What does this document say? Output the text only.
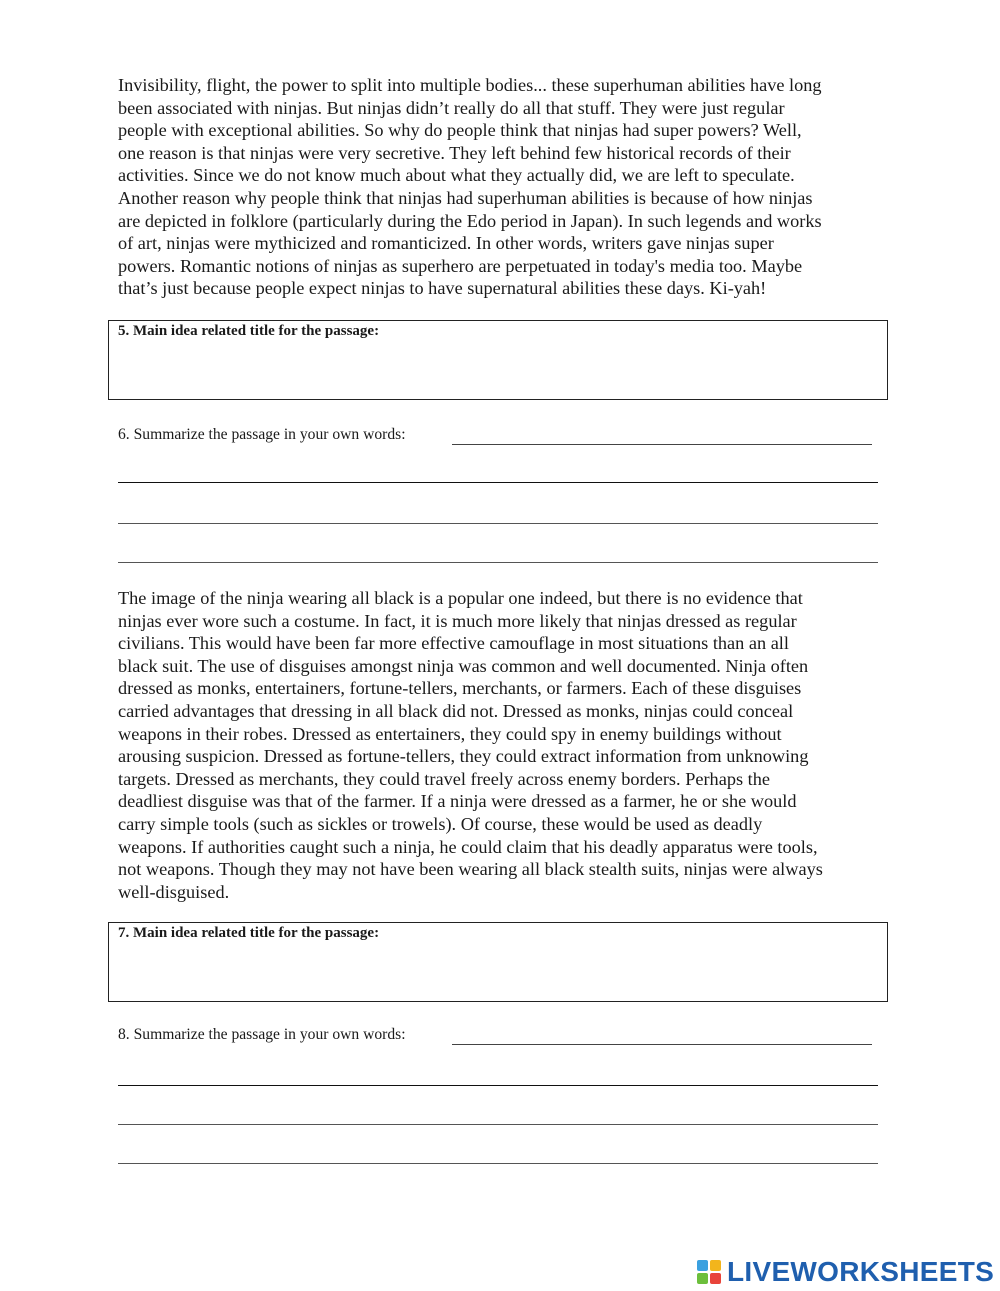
Invisibility, flight, the power to split into multiple bodies... these superhuman abilities have long
been associated with ninjas. But ninjas didn’t really do all that stuff. They were just regular
people with exceptional abilities. So why do people think that ninjas had super powers? Well,
one reason is that ninjas were very secretive. They left behind few historical records of their
activities. Since we do not know much about what they actually did, we are left to speculate.
Another reason why people think that ninjas had superhuman abilities is because of how ninjas
are depicted in folklore (particularly during the Edo period in Japan). In such legends and works
of art, ninjas were mythicized and romanticized. In other words, writers gave ninjas super
powers. Romantic notions of ninjas as superhero are perpetuated in today's media too. Maybe
that’s just because people expect ninjas to have supernatural abilities these days. Ki-yah!
5. Main idea related title for the passage:
6. Summarize the passage in your own words:
The image of the ninja wearing all black is a popular one indeed, but there is no evidence that
ninjas ever wore such a costume. In fact, it is much more likely that ninjas dressed as regular
civilians. This would have been far more effective camouflage in most situations than an all
black suit. The use of disguises amongst ninja was common and well documented. Ninja often
dressed as monks, entertainers, fortune-tellers, merchants, or farmers. Each of these disguises
carried advantages that dressing in all black did not. Dressed as monks, ninjas could conceal
weapons in their robes. Dressed as entertainers, they could spy in enemy buildings without
arousing suspicion. Dressed as fortune-tellers, they could extract information from unknowing
targets. Dressed as merchants, they could travel freely across enemy borders. Perhaps the
deadliest disguise was that of the farmer. If a ninja were dressed as a farmer, he or she would
carry simple tools (such as sickles or trowels). Of course, these would be used as deadly
weapons. If authorities caught such a ninja, he could claim that his deadly apparatus were tools,
not weapons. Though they may not have been wearing all black stealth suits, ninjas were always
well-disguised.
7. Main idea related title for the passage:
8. Summarize the passage in your own words:
LIVEWORKSHEETS
